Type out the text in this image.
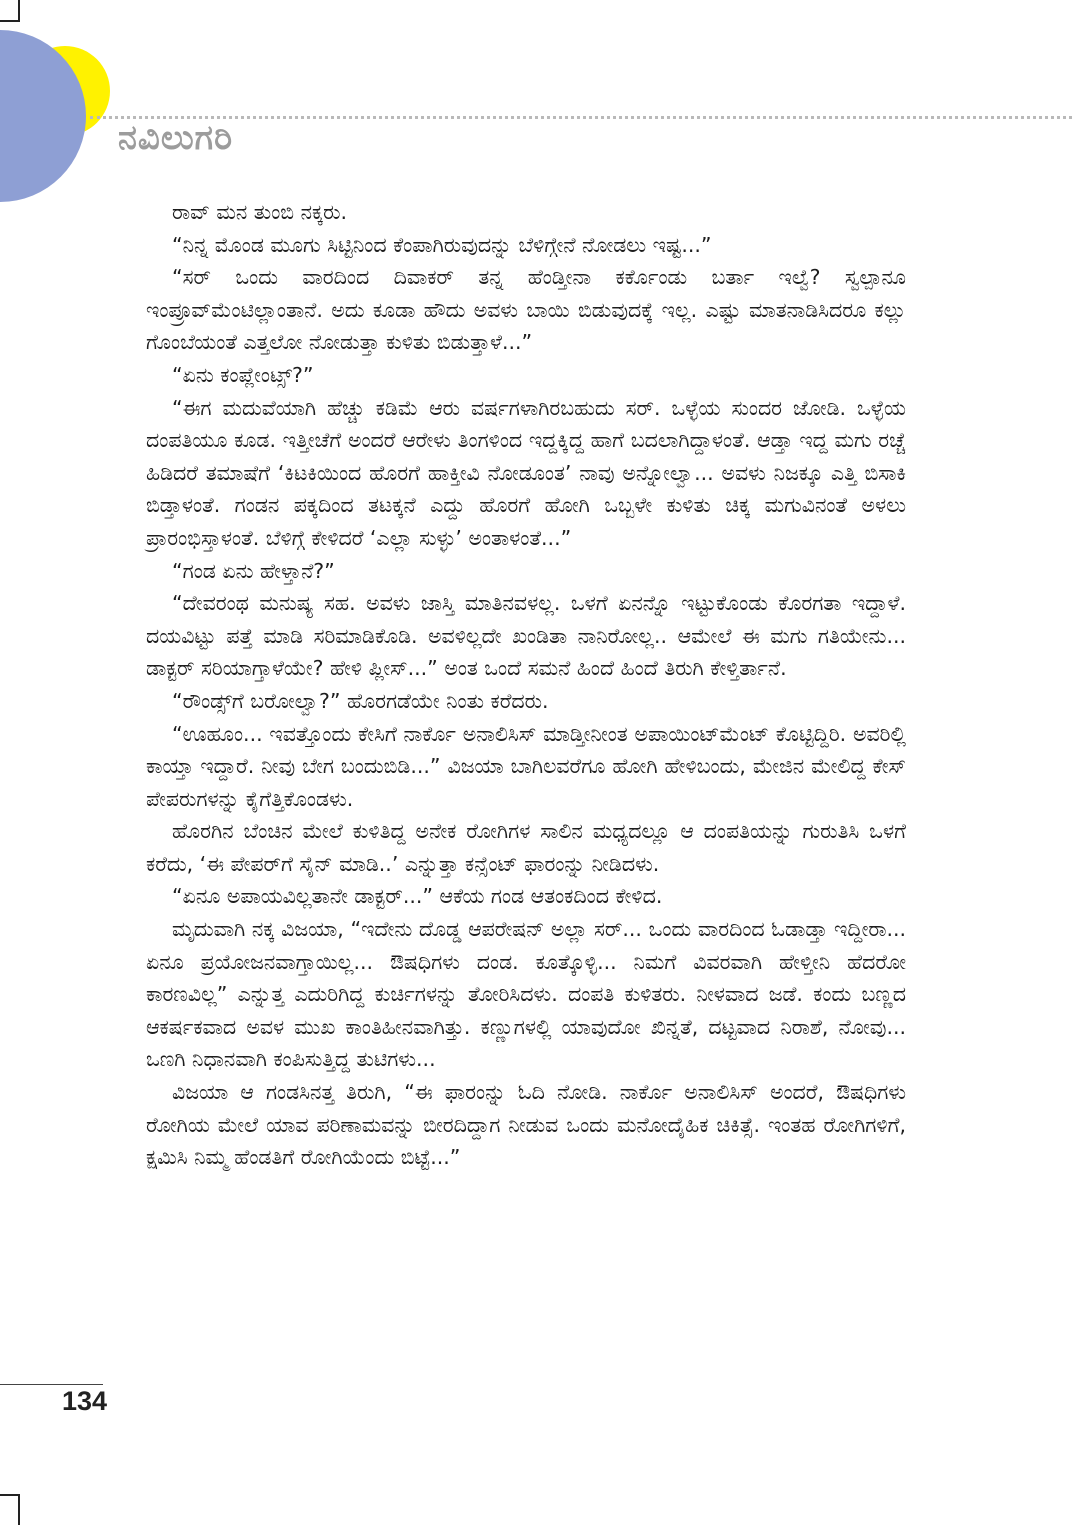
ನವಿಲುಗರಿ

ರಾವ್ ಮನ ತುಂಬಿ ನಕ್ಕರು.

“ನಿನ್ನ ಮೊಂಡ ಮೂಗು ಸಿಟ್ಟಿನಿಂದ ಕೆಂಪಾಗಿರುವುದನ್ನು ಬೆಳಿಗ್ಗೇನೆ ನೋಡಲು ಇಷ್ಟ...”

“ಸರ್ ಒಂದು ವಾರದಿಂದ ದಿವಾಕರ್ ತನ್ನ ಹೆಂಡ್ತೀನಾ ಕರ್ಕೊಂಡು ಬರ್ತಾ ಇಲ್ವೆ? ಸ್ವಲ್ಪಾನೂ ಇಂಪ್ರೂವ್‌ಮೆಂಟಿಲ್ಲಾಂತಾನೆ. ಅದು ಕೂಡಾ ಹೌದು ಅವಳು ಬಾಯಿ ಬಿಡುವುದಕ್ಕೆ ಇಲ್ಲ. ಎಷ್ಟು ಮಾತನಾಡಿಸಿದರೂ ಕಲ್ಲು ಗೊಂಬೆಯಂತೆ ಎತ್ತಲೋ ನೋಡುತ್ತಾ ಕುಳಿತು ಬಿಡುತ್ತಾಳೆ...”

“ಏನು ಕಂಪ್ಲೇಂಟ್ಸ್?”

“ಈಗ ಮದುವೆಯಾಗಿ ಹೆಚ್ಚು ಕಡಿಮೆ ಆರು ವರ್ಷಗಳಾಗಿರಬಹುದು ಸರ್. ಒಳ್ಳೆಯ ಸುಂದರ ಜೋಡಿ. ಒಳ್ಳೆಯ ದಂಪತಿಯೂ ಕೂಡ. ಇತ್ತೀಚೆಗೆ ಅಂದರೆ ಆರೇಳು ತಿಂಗಳಿಂದ ಇದ್ದಕ್ಕಿದ್ದ ಹಾಗೆ ಬದಲಾಗಿದ್ದಾಳಂತೆ. ಆಡ್ತಾ ಇದ್ದ ಮಗು ರಚ್ಚೆ ಹಿಡಿದರೆ ತಮಾಷೆಗೆ ‘ಕಿಟಕಿಯಿಂದ ಹೊರಗೆ ಹಾಕ್ತೀವಿ ನೋಡೂಂತ’ ನಾವು ಅನ್ನೋಲ್ವಾ... ಅವಳು ನಿಜಕ್ಕೂ ಎತ್ತಿ ಬಿಸಾಕಿ ಬಿಡ್ತಾಳಂತೆ. ಗಂಡನ ಪಕ್ಕದಿಂದ ತಟಕ್ಕನೆ ಎದ್ದು ಹೊರಗೆ ಹೋಗಿ ಒಬ್ಬಳೇ ಕುಳಿತು ಚಿಕ್ಕ ಮಗುವಿನಂತೆ ಅಳಲು ಪ್ರಾರಂಭಿಸ್ತಾಳಂತೆ. ಬೆಳಿಗ್ಗೆ ಕೇಳಿದರೆ ‘ಎಲ್ಲಾ ಸುಳ್ಳು’ ಅಂತಾಳಂತೆ...”

“ಗಂಡ ಏನು ಹೇಳ್ತಾನೆ?”

“ದೇವರಂಥ ಮನುಷ್ಯ ಸಹ. ಅವಳು ಜಾಸ್ತಿ ಮಾತಿನವಳಲ್ಲ. ಒಳಗೆ ಏನನ್ನೊ ಇಟ್ಟುಕೊಂಡು ಕೊರಗತಾ ಇದ್ದಾಳೆ. ದಯವಿಟ್ಟು ಪತ್ತೆ ಮಾಡಿ ಸರಿಮಾಡಿಕೊಡಿ. ಅವಳಿಲ್ಲದೇ ಖಂಡಿತಾ ನಾನಿರೋಲ್ಲ.. ಆಮೇಲೆ ಈ ಮಗು ಗತಿಯೇನು... ಡಾಕ್ಟರ್ ಸರಿಯಾಗ್ತಾಳೆಯೇ? ಹೇಳಿ ಪ್ಲೀಸ್...” ಅಂತ ಒಂದೆ ಸಮನೆ ಹಿಂದೆ ಹಿಂದೆ ತಿರುಗಿ ಕೇಳ್ತಿರ್ತಾನೆ.

“ರೌಂಡ್ಸ್‌ಗೆ ಬರೋಲ್ವಾ?” ಹೊರಗಡೆಯೇ ನಿಂತು ಕರೆದರು.

“ಊಹೂಂ... ಇವತ್ತೊಂದು ಕೇಸಿಗೆ ನಾರ್ಕೊ ಅನಾಲಿಸಿಸ್ ಮಾಡ್ತೀನೀಂತ ಅಪಾಯಿಂಟ್‌ಮೆಂಟ್ ಕೊಟ್ಟಿದ್ದಿರಿ. ಅವರಿಲ್ಲಿ ಕಾಯ್ತಾ ಇದ್ದಾರೆ. ನೀವು ಬೇಗ ಬಂದುಬಿಡಿ...” ವಿಜಯಾ ಬಾಗಿಲವರೆಗೂ ಹೋಗಿ ಹೇಳಿಬಂದು, ಮೇಜಿನ ಮೇಲಿದ್ದ ಕೇಸ್ ಪೇಪರುಗಳನ್ನು ಕೈಗೆತ್ತಿಕೊಂಡಳು.

ಹೊರಗಿನ ಬೆಂಚಿನ ಮೇಲೆ ಕುಳಿತಿದ್ದ ಅನೇಕ ರೋಗಿಗಳ ಸಾಲಿನ ಮಧ್ಯದಲ್ಲೂ ಆ ದಂಪತಿಯನ್ನು ಗುರುತಿಸಿ ಒಳಗೆ ಕರೆದು, ‘ಈ ಪೇಪರ್‌ಗೆ ಸೈನ್ ಮಾಡಿ..’ ಎನ್ನುತ್ತಾ ಕನ್ಸೆಂಟ್ ಫಾರಂನ್ನು ನೀಡಿದಳು.

“ಏನೂ ಅಪಾಯವಿಲ್ಲತಾನೇ ಡಾಕ್ಟರ್...” ಆಕೆಯ ಗಂಡ ಆತಂಕದಿಂದ ಕೇಳಿದ.

ಮೃದುವಾಗಿ ನಕ್ಕ ವಿಜಯಾ, “ಇದೇನು ದೊಡ್ಡ ಆಪರೇಷನ್ ಅಲ್ಲಾ ಸರ್... ಒಂದು ವಾರದಿಂದ ಓಡಾಡ್ತಾ ಇದ್ದೀರಾ... ಏನೂ ಪ್ರಯೋಜನವಾಗ್ತಾಯಿಲ್ಲ... ಔಷಧಿಗಳು ದಂಡ. ಕೂತ್ಕೊಳ್ಳಿ... ನಿಮಗೆ ವಿವರವಾಗಿ ಹೇಳ್ತೀನಿ ಹೆದರೋ ಕಾರಣವಿಲ್ಲ” ಎನ್ನುತ್ತ ಎದುರಿಗಿದ್ದ ಕುರ್ಚಿಗಳನ್ನು ತೋರಿಸಿದಳು. ದಂಪತಿ ಕುಳಿತರು. ನೀಳವಾದ ಜಡೆ. ಕಂದು ಬಣ್ಣದ ಆಕರ್ಷಕವಾದ ಅವಳ ಮುಖ ಕಾಂತಿಹೀನವಾಗಿತ್ತು. ಕಣ್ಣುಗಳಲ್ಲಿ ಯಾವುದೋ ಖಿನ್ನತೆ, ದಟ್ಟವಾದ ನಿರಾಶೆ, ನೋವು... ಒಣಗಿ ನಿಧಾನವಾಗಿ ಕಂಪಿಸುತ್ತಿದ್ದ ತುಟಿಗಳು...

ವಿಜಯಾ ಆ ಗಂಡಸಿನತ್ತ ತಿರುಗಿ, “ಈ ಫಾರಂನ್ನು ಓದಿ ನೋಡಿ. ನಾರ್ಕೊ ಅನಾಲಿಸಿಸ್ ಅಂದರೆ, ಔಷಧಿಗಳು ರೋಗಿಯ ಮೇಲೆ ಯಾವ ಪರಿಣಾಮವನ್ನು ಬೀರದಿದ್ದಾಗ ನೀಡುವ ಒಂದು ಮನೋದೈಹಿಕ ಚಿಕಿತ್ಸೆ. ಇಂತಹ ರೋಗಿಗಳಿಗೆ, ಕ್ಷಮಿಸಿ ನಿಮ್ಮ ಹೆಂಡತಿಗೆ ರೋಗಿಯೆಂದು ಬಿಟ್ಟೆ...”

134
